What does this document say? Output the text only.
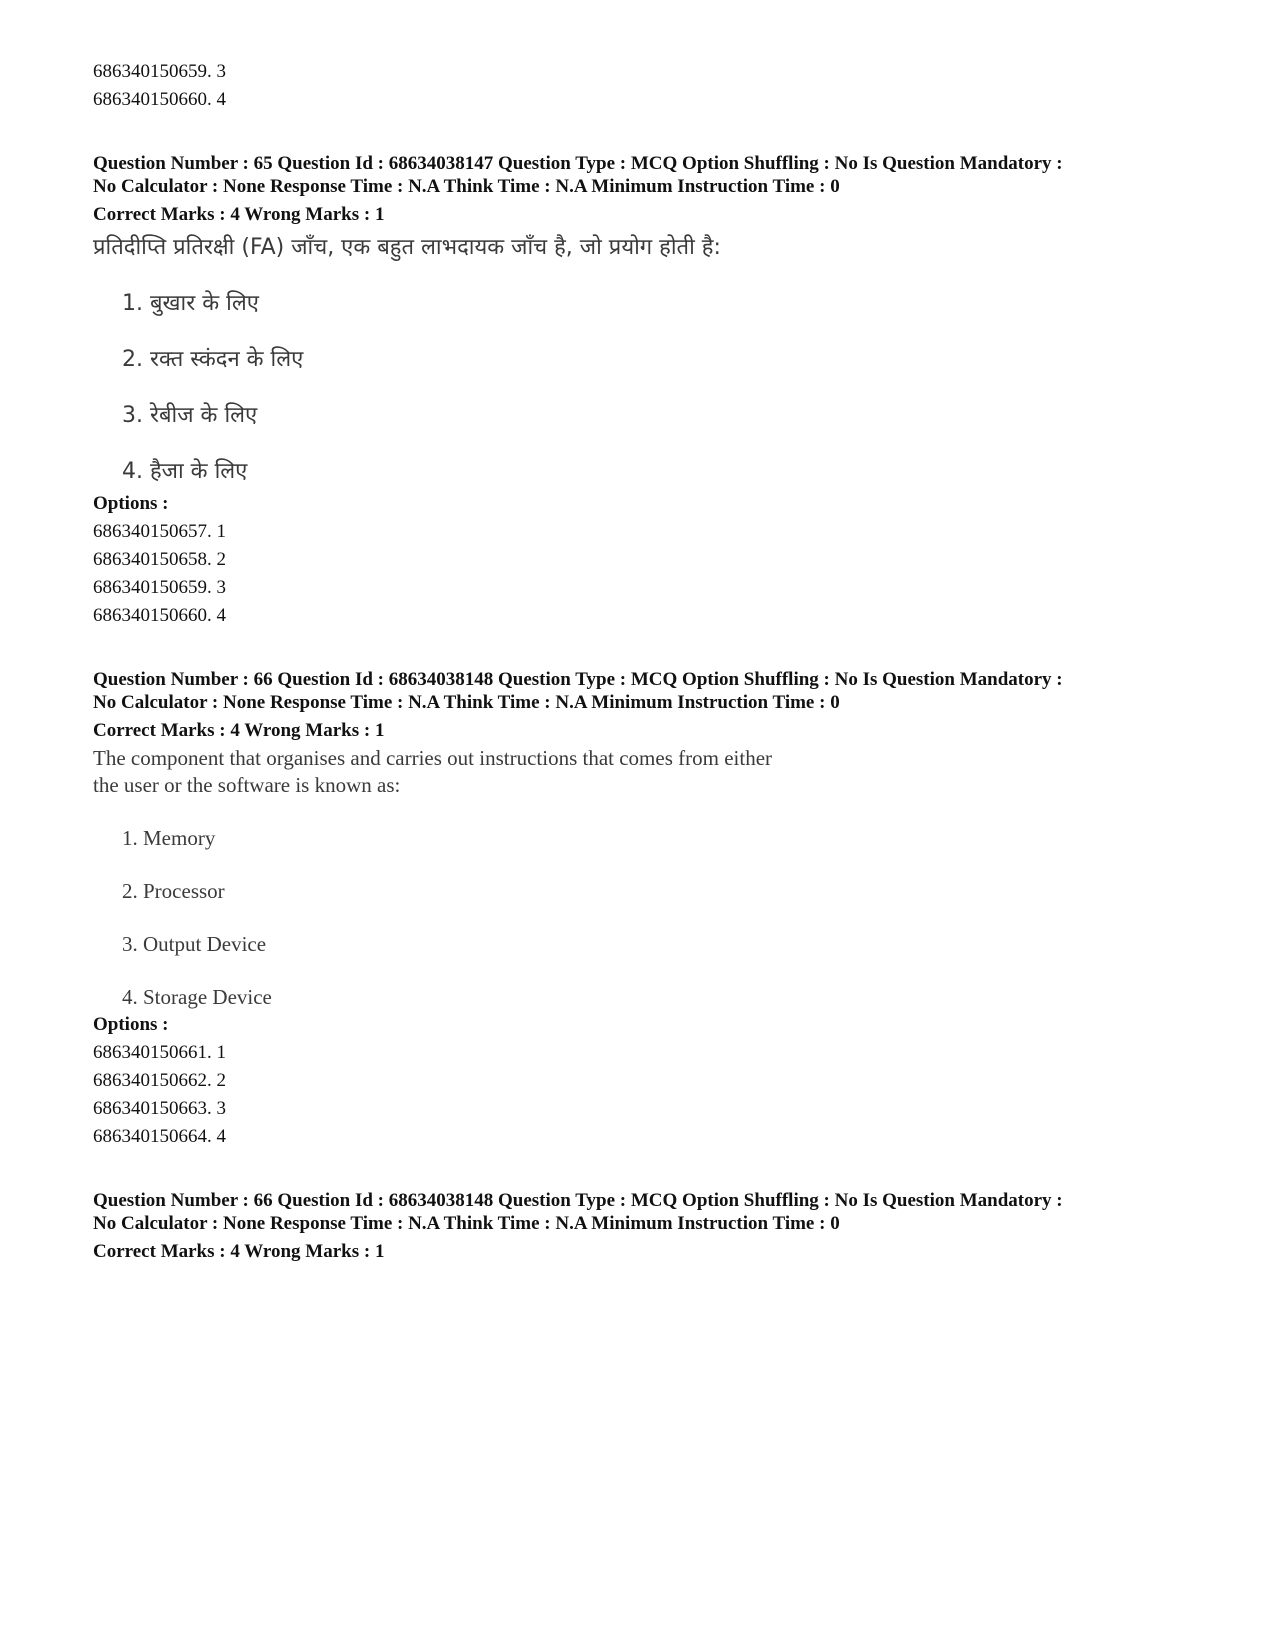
686340150659. 3
686340150660. 4
Question Number : 65 Question Id : 68634038147 Question Type : MCQ Option Shuffling : No Is Question Mandatory :
No Calculator : None Response Time : N.A Think Time : N.A Minimum Instruction Time : 0
Correct Marks : 4 Wrong Marks : 1
प्रतिदीप्ति प्रतिरक्षी (FA) जाँच, एक बहुत लाभदायक जाँच है, जो प्रयोग होती है:
1. बुखार के लिए
2. रक्त स्कंदन के लिए
3. रेबीज के लिए
4. हैजा के लिए
Options :
686340150657. 1
686340150658. 2
686340150659. 3
686340150660. 4
Question Number : 66 Question Id : 68634038148 Question Type : MCQ Option Shuffling : No Is Question Mandatory :
No Calculator : None Response Time : N.A Think Time : N.A Minimum Instruction Time : 0
Correct Marks : 4 Wrong Marks : 1
The component that organises and carries out instructions that comes from either
the user or the software is known as:
1. Memory
2. Processor
3. Output Device
4. Storage Device
Options :
686340150661. 1
686340150662. 2
686340150663. 3
686340150664. 4
Question Number : 66 Question Id : 68634038148 Question Type : MCQ Option Shuffling : No Is Question Mandatory :
No Calculator : None Response Time : N.A Think Time : N.A Minimum Instruction Time : 0
Correct Marks : 4 Wrong Marks : 1
